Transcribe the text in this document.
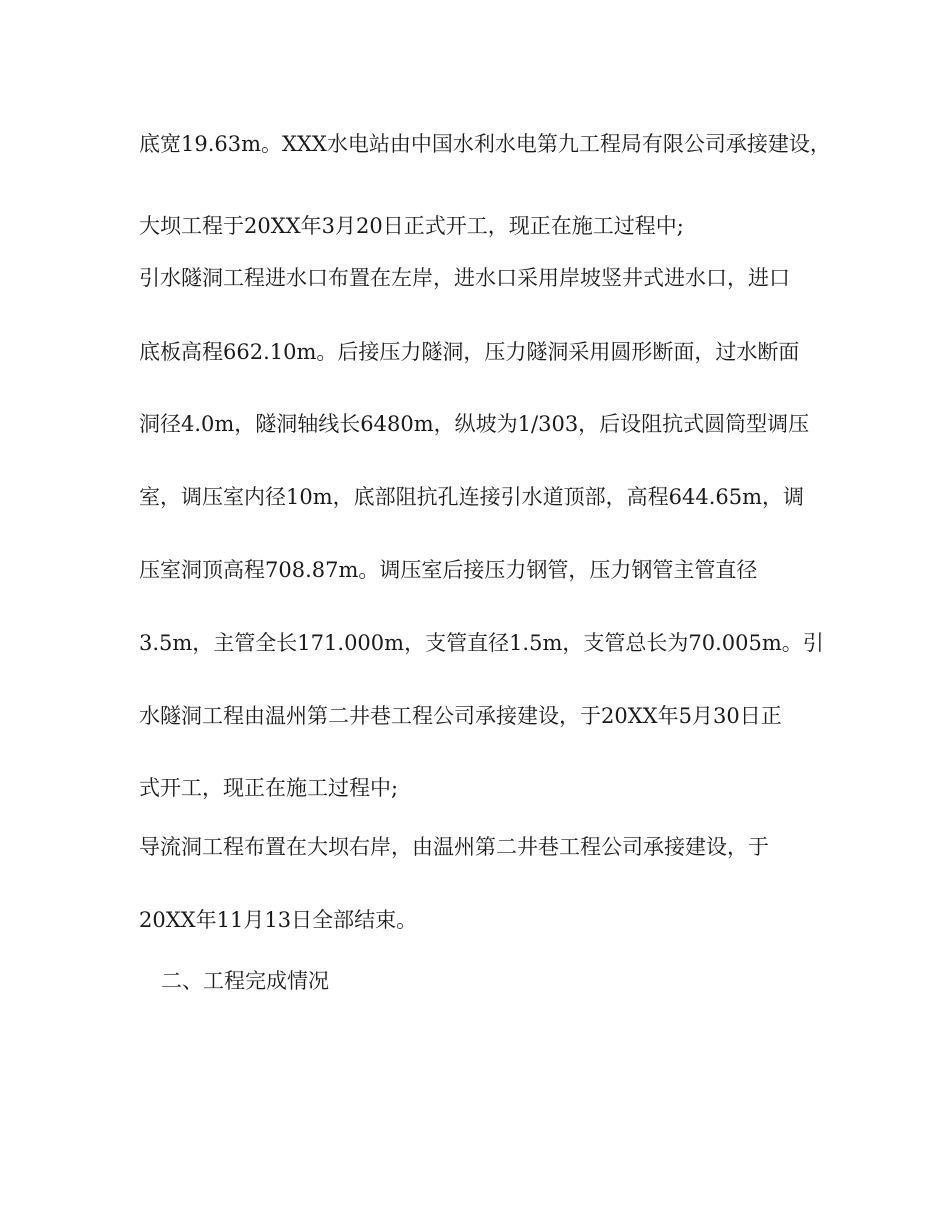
底宽19.63m。XXX水电站由中国水利水电第九工程局有限公司承接建设，
大坝工程于20XX年3月20日正式开工，现正在施工过程中;
引水隧洞工程进水口布置在左岸，进水口采用岸坡竖井式进水口，进口
底板高程662.10m。后接压力隧洞，压力隧洞采用圆形断面，过水断面
洞径4.0m，隧洞轴线长6480m，纵坡为1/303，后设阻抗式圆筒型调压
室，调压室内径10m，底部阻抗孔连接引水道顶部，高程644.65m，调
压室洞顶高程708.87m。调压室后接压力钢管，压力钢管主管直径
3.5m，主管全长171.000m，支管直径1.5m，支管总长为70.005m。引
水隧洞工程由温州第二井巷工程公司承接建设，于20XX年5月30日正
式开工，现正在施工过程中;
导流洞工程布置在大坝右岸，由温州第二井巷工程公司承接建设，于
20XX年11月13日全部结束。
二、工程完成情况
